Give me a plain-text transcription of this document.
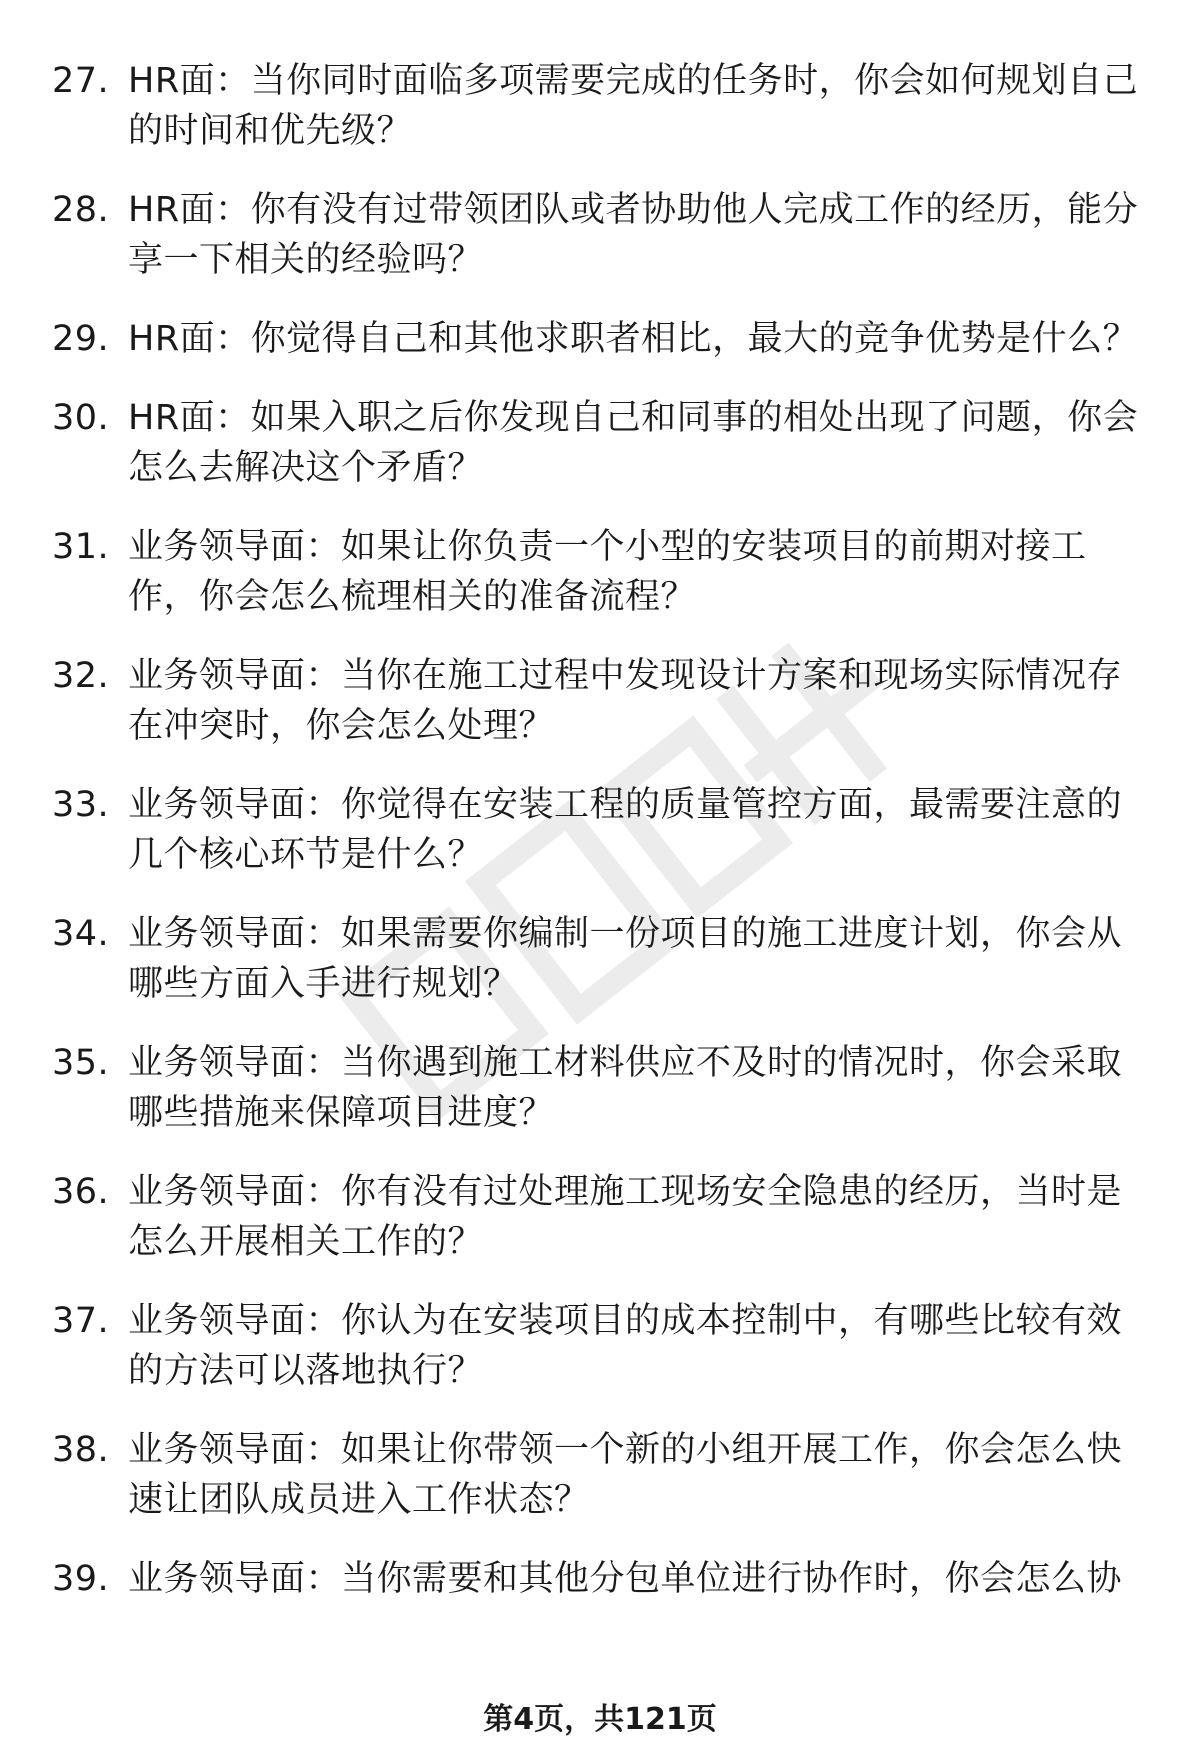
27. HR面：当你同时面临多项需要完成的任务时，你会如何规划自己的时间和优先级？
28. HR面：你有没有过带领团队或者协助他人完成工作的经历，能分享一下相关的经验吗？
29. HR面：你觉得自己和其他求职者相比，最大的竞争优势是什么？
30. HR面：如果入职之后你发现自己和同事的相处出现了问题，你会怎么去解决这个矛盾？
31. 业务领导面：如果让你负责一个小型的安装项目的前期对接工作，你会怎么梳理相关的准备流程？
32. 业务领导面：当你在施工过程中发现设计方案和现场实际情况存在冲突时，你会怎么处理？
33. 业务领导面：你觉得在安装工程的质量管控方面，最需要注意的几个核心环节是什么？
34. 业务领导面：如果需要你编制一份项目的施工进度计划，你会从哪些方面入手进行规划？
35. 业务领导面：当你遇到施工材料供应不及时的情况时，你会采取哪些措施来保障项目进度？
36. 业务领导面：你有没有过处理施工现场安全隐患的经历，当时是怎么开展相关工作的？
37. 业务领导面：你认为在安装项目的成本控制中，有哪些比较有效的方法可以落地执行？
38. 业务领导面：如果让你带领一个新的小组开展工作，你会怎么快速让团队成员进入工作状态？
39. 业务领导面：当你需要和其他分包单位进行协作时，你会怎么协
第4页，共121页
